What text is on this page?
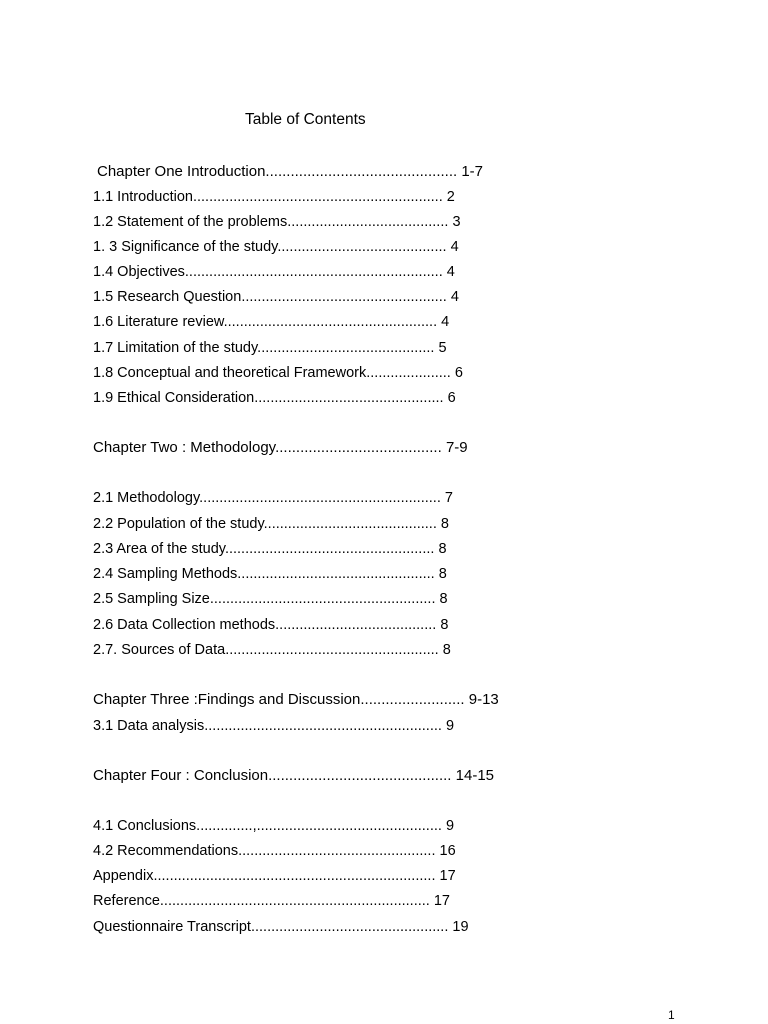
Table of Contents
Chapter One Introduction.............................................. 1-7
1.1 Introduction.............................................................. 2
1.2 Statement of the problems........................................ 3
1. 3 Significance of the study.......................................... 4
1.4 Objectives................................................................ 4
1.5 Research Question................................................... 4
1.6 Literature review..................................................... 4
1.7 Limitation of the study............................................ 5
1.8 Conceptual and theoretical Framework..................... 6
1.9 Ethical Consideration............................................... 6
Chapter Two : Methodology........................................ 7-9
2.1 Methodology............................................................ 7
2.2 Population of the study........................................... 8
2.3 Area of the study.................................................... 8
2.4 Sampling Methods................................................. 8
2.5 Sampling Size........................................................ 8
2.6 Data Collection methods........................................ 8
2.7. Sources of Data..................................................... 8
Chapter Three :Findings and Discussion......................... 9-13
3.1 Data analysis........................................................... 9
Chapter Four : Conclusion............................................ 14-15
4.1 Conclusions..............,.............................................. 9
4.2 Recommendations................................................. 16
Appendix...................................................................... 17
Reference................................................................... 17
Questionnaire Transcript................................................. 19
1
